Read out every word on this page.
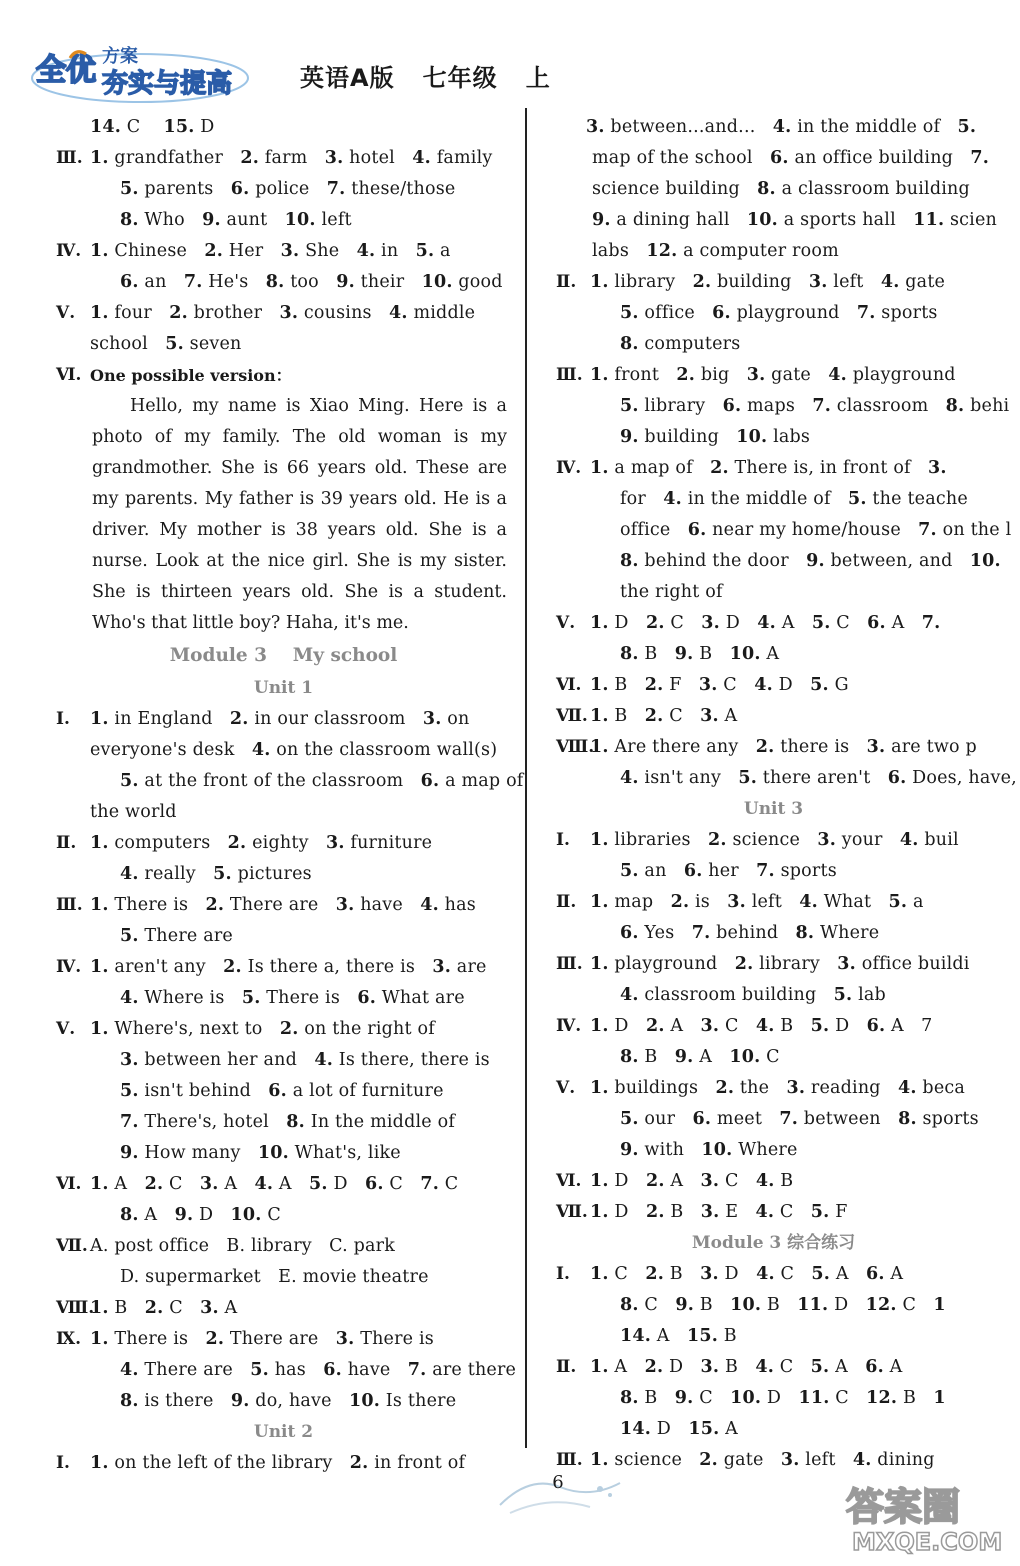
全优 方案
夯实与提高	英语A版   七年级   上
14. C    15. D
Ⅲ. 1. grandfather   2. farm   3. hotel   4. family
5. parents   6. police   7. these/those
8. Who   9. aunt   10. left
Ⅳ. 1. Chinese   2. Her   3. She   4. in   5. a
6. an   7. He's   8. too   9. their   10. good
Ⅴ. 1. four   2. brother   3. cousins   4. middle
school   5. seven
Ⅵ. One possible version：
Hello, my name is Xiao Ming. Here is a photo of my family. The old woman is my grandmother. She is 66 years old. These are my parents. My father is 39 years old. He is a driver. My mother is 38 years old. She is a nurse. Look at the nice girl. She is my sister. She is thirteen years old. She is a student. Who's that little boy? Haha, it's me.
Module 3    My school
Unit 1
Ⅰ.	1. in England   2. in our classroom   3. on
everyone's desk   4. on the classroom wall(s)
5. at the front of the classroom   6. a map of
the world
Ⅱ. 1. computers   2. eighty   3. furniture
4. really   5. pictures
Ⅲ. 1. There is   2. There are   3. have   4. has
5. There are
Ⅳ. 1. aren't any   2. Is there a, there is   3. are
4. Where is   5. There is   6. What are
Ⅴ. 1. Where's, next to   2. on the right of
3. between her and   4. Is there, there is
5. isn't behind   6. a lot of furniture
7. There's, hotel   8. In the middle of
9. How many   10. What's, like
Ⅵ. 1. A   2. C   3. A   4. A   5. D   6. C   7. C
8. A   9. D   10. C
Ⅶ. A. post office   B. library   C. park
D. supermarket   E. movie theatre
Ⅷ.
1. B   2. C   3. A
Ⅸ. 1. There is   2. There are   3. There is
4. There are   5. has   6. have   7. are there
8. is there   9. do, have   10. Is there
Unit 2
Ⅰ.	1. on the left of the library   2. in front of
3. between...and...   4. in the middle of   5.
map of the school   6. an office building   7.
science building   8. a classroom building
9. a dining hall   10. a sports hall   11. scien
labs   12. a computer room
Ⅱ. 1. library   2. building   3. left   4. gate
5. office   6. playground   7. sports
8. computers
Ⅲ. 1. front   2. big   3. gate   4. playground
5. library   6. maps   7. classroom   8. behi
9. building   10. labs
Ⅳ. 1. a map of   2. There is, in front of   3.
for   4. in the middle of   5. the teache
office   6. near my home/house   7. on the l
8. behind the door   9. between, and   10.
the right of
Ⅴ. 1. D   2. C   3. D   4. A   5. C   6. A   7.
8. B   9. B   10. A
Ⅵ. 1. B   2. F   3. C   4. D   5. G
Ⅶ. 1. B   2. C   3. A
Ⅷ.
1. Are there any   2. there is   3. are two p
4. isn't any   5. there aren't   6. Does, have,
Unit 3
Ⅰ.	1. libraries   2. science   3. your   4. buil
5. an   6. her   7. sports
Ⅱ. 1. map   2. is   3. left   4. What   5. a
6. Yes   7. behind   8. Where
Ⅲ. 1. playground   2. library   3. office buildi
4. classroom building   5. lab
Ⅳ. 1. D   2. A   3. C   4. B   5. D   6. A   7
8. B   9. A   10. C
Ⅴ. 1. buildings   2. the   3. reading   4. beca
5. our   6. meet   7. between   8. sports
9. with   10. Where
Ⅵ. 1. D   2. A   3. C   4. B
Ⅶ. 1. D   2. B   3. E   4. C   5. F
Module 3 综合练习
Ⅰ.	1. C   2. B   3. D   4. C   5. A   6. A
8. C   9. B   10. B   11. D   12. C   1
14. A   15. B
Ⅱ. 1. A   2. D   3. B   4. C   5. A   6. A
8. B   9. C   10. D   11. C   12. B   1
14. D   15. A
Ⅲ. 1. science   2. gate   3. left   4. dining
6
答案圈
MXQE.COM
